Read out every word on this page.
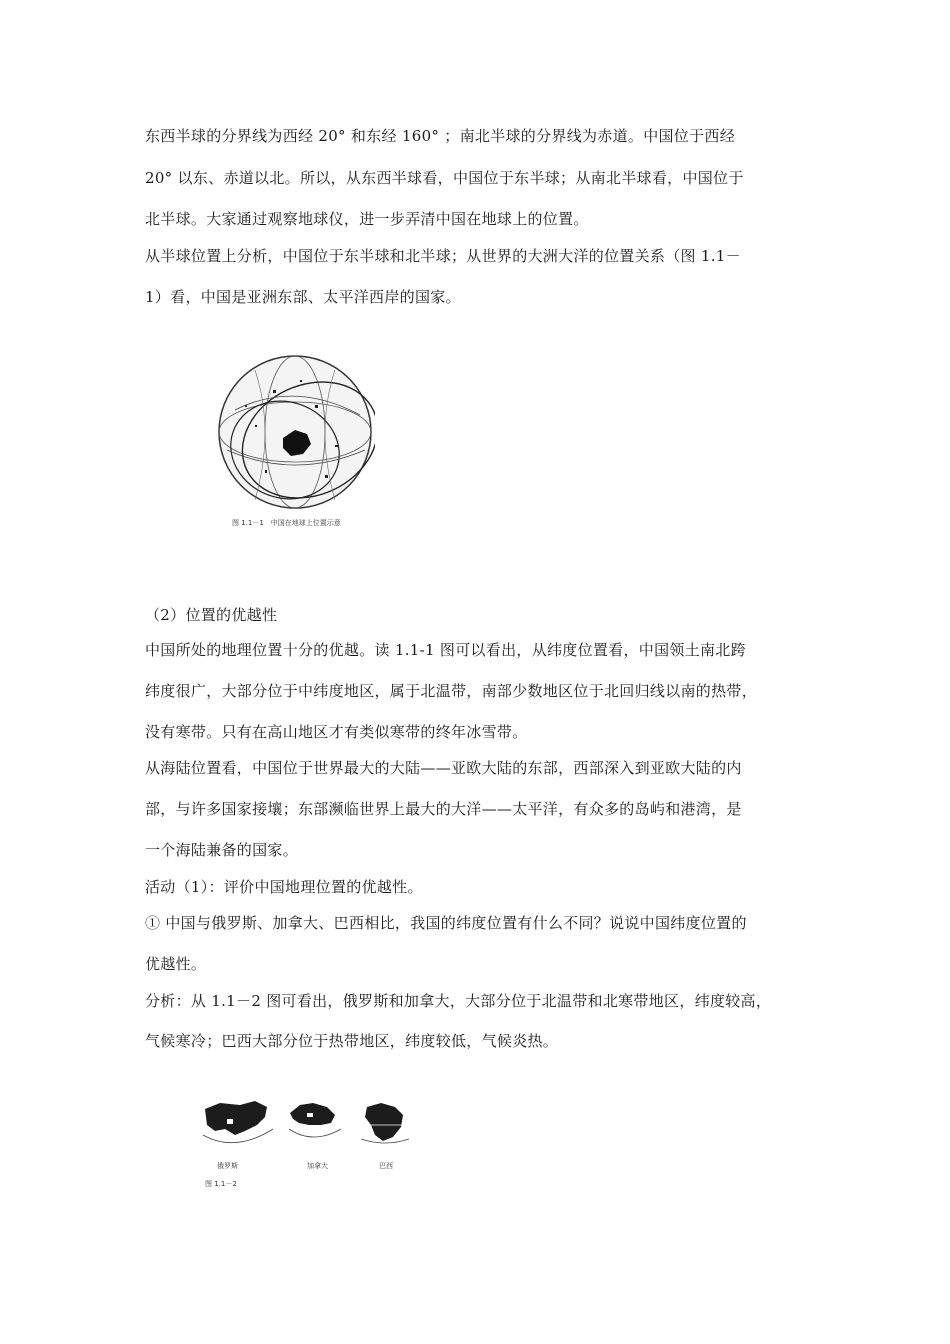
东西半球的分界线为西经 20° 和东经 160° ；南北半球的分界线为赤道。中国位于西经
20° 以东、赤道以北。所以，从东西半球看，中国位于东半球；从南北半球看，中国位于
北半球。大家通过观察地球仪，进一步弄清中国在地球上的位置。
从半球位置上分析，中国位于东半球和北半球；从世界的大洲大洋的位置关系（图 1.1－
1）看，中国是亚洲东部、太平洋西岸的国家。
图 1.1－1　中国在地球上位置示意
（2）位置的优越性
中国所处的地理位置十分的优越。读 1.1-1 图可以看出，从纬度位置看，中国领土南北跨
纬度很广，大部分位于中纬度地区，属于北温带，南部少数地区位于北回归线以南的热带，
没有寒带。只有在高山地区才有类似寒带的终年冰雪带。
从海陆位置看，中国位于世界最大的大陆——亚欧大陆的东部，西部深入到亚欧大陆的内
部，与许多国家接壤；东部濒临世界上最大的大洋——太平洋，有众多的岛屿和港湾，是
一个海陆兼备的国家。
活动（1）：评价中国地理位置的优越性。
① 中国与俄罗斯、加拿大、巴西相比，我国的纬度位置有什么不同？说说中国纬度位置的
优越性。
分析：从 1.1－2 图可看出，俄罗斯和加拿大，大部分位于北温带和北寒带地区，纬度较高，
气候寒冷；巴西大部分位于热带地区，纬度较低，气候炎热。
俄罗斯	加拿大	巴西
图 1.1－2
